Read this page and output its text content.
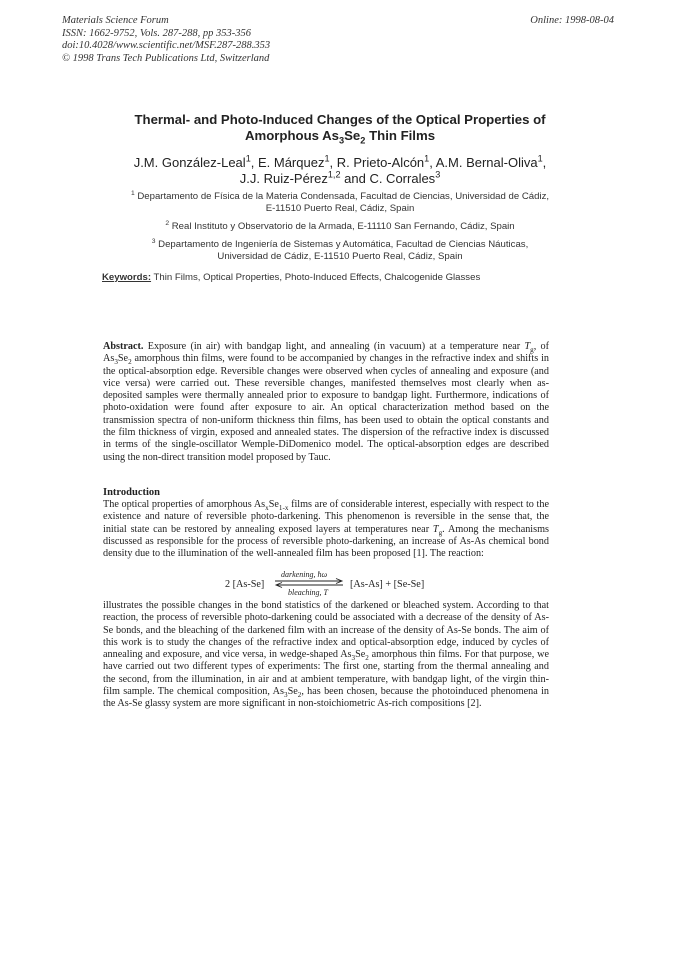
Materials Science Forum
ISSN: 1662-9752, Vols. 287-288, pp 353-356
doi:10.4028/www.scientific.net/MSF.287-288.353
© 1998 Trans Tech Publications Ltd, Switzerland
Online: 1998-08-04
Thermal- and Photo-Induced Changes of the Optical Properties of
Amorphous $As_3Se_2$ Thin Films
J.M. González-Leal$^1$, E. Márquez$^1$, R. Prieto-Alcón$^1$, A.M. Bernal-Oliva$^1$,
J.J. Ruiz-Pérez$^{1,2}$ and C. Corrales$^3$
$^1$ Departamento de Física de la Materia Condensada, Facultad de Ciencias, Universidad de Cádiz,
E-11510 Puerto Real, Cádiz, Spain
$^2$ Real Instituto y Observatorio de la Armada, E-11110 San Fernando, Cádiz, Spain
$^3$ Departamento de Ingeniería de Sistemas y Automática, Facultad de Ciencias Náuticas,
Universidad de Cádiz, E-11510 Puerto Real, Cádiz, Spain
Keywords: Thin Films, Optical Properties, Photo-Induced Effects, Chalcogenide Glasses
Abstract. Exposure (in air) with bandgap light, and annealing (in vacuum) at a temperature near $T_g$, of $As_3Se_2$ amorphous thin films, were found to be accompanied by changes in the refractive index and shifts in the optical-absorption edge. Reversible changes were observed when cycles of annealing and exposure (and vice versa) were carried out. These reversible changes, manifested themselves most clearly when as-deposited samples were thermally annealed prior to exposure to bandgap light. Furthermore, indications of photo-oxidation were found after exposure to air. An optical characterization method based on the transmission spectra of non-uniform thickness thin films, has been used to obtain the optical constants and the film thickness of virgin, exposed and annealed states. The dispersion of the refractive index is discussed in terms of the single-oscillator Wemple-DiDomenico model. The optical-absorption edges are described using the non-direct transition model proposed by Tauc.
Introduction
The optical properties of amorphous $As_xSe_{1-x}$ films are of considerable interest, especially with respect to the existence and nature of reversible photo-darkening. This phenomenon is reversible in the sense that, the initial state can be restored by annealing exposed layers at temperatures near $T_g$. Among the mechanisms discussed as responsible for the process of reversible photo-darkening, an increase of As-As chemical bond density due to the illumination of the well-annealed film has been proposed [1]. The reaction:
2 [As-Se]
darkening, ħω
bleaching, T
[As-As] + [Se-Se]
illustrates the possible changes in the bond statistics of the darkened or bleached system. According to that reaction, the process of reversible photo-darkening could be associated with a decrease of the density of As-Se bonds, and the bleaching of the darkened film with an increase of the density of As-Se bonds. The aim of this work is to study the changes of the refractive index and optical-absorption edge, induced by cycles of annealing and exposure, and vice versa, in wedge-shaped $As_3Se_2$ amorphous thin films. For that purpose, we have carried out two different types of experiments: The first one, starting from the thermal annealing and the second, from the illumination, in air and at ambient temperature, with bandgap light, of the virgin thin-film sample. The chemical composition, $As_3Se_2$, has been chosen, because the photoinduced phenomena in the As-Se glassy system are more significant in non-stoichiometric As-rich compositions [2].
